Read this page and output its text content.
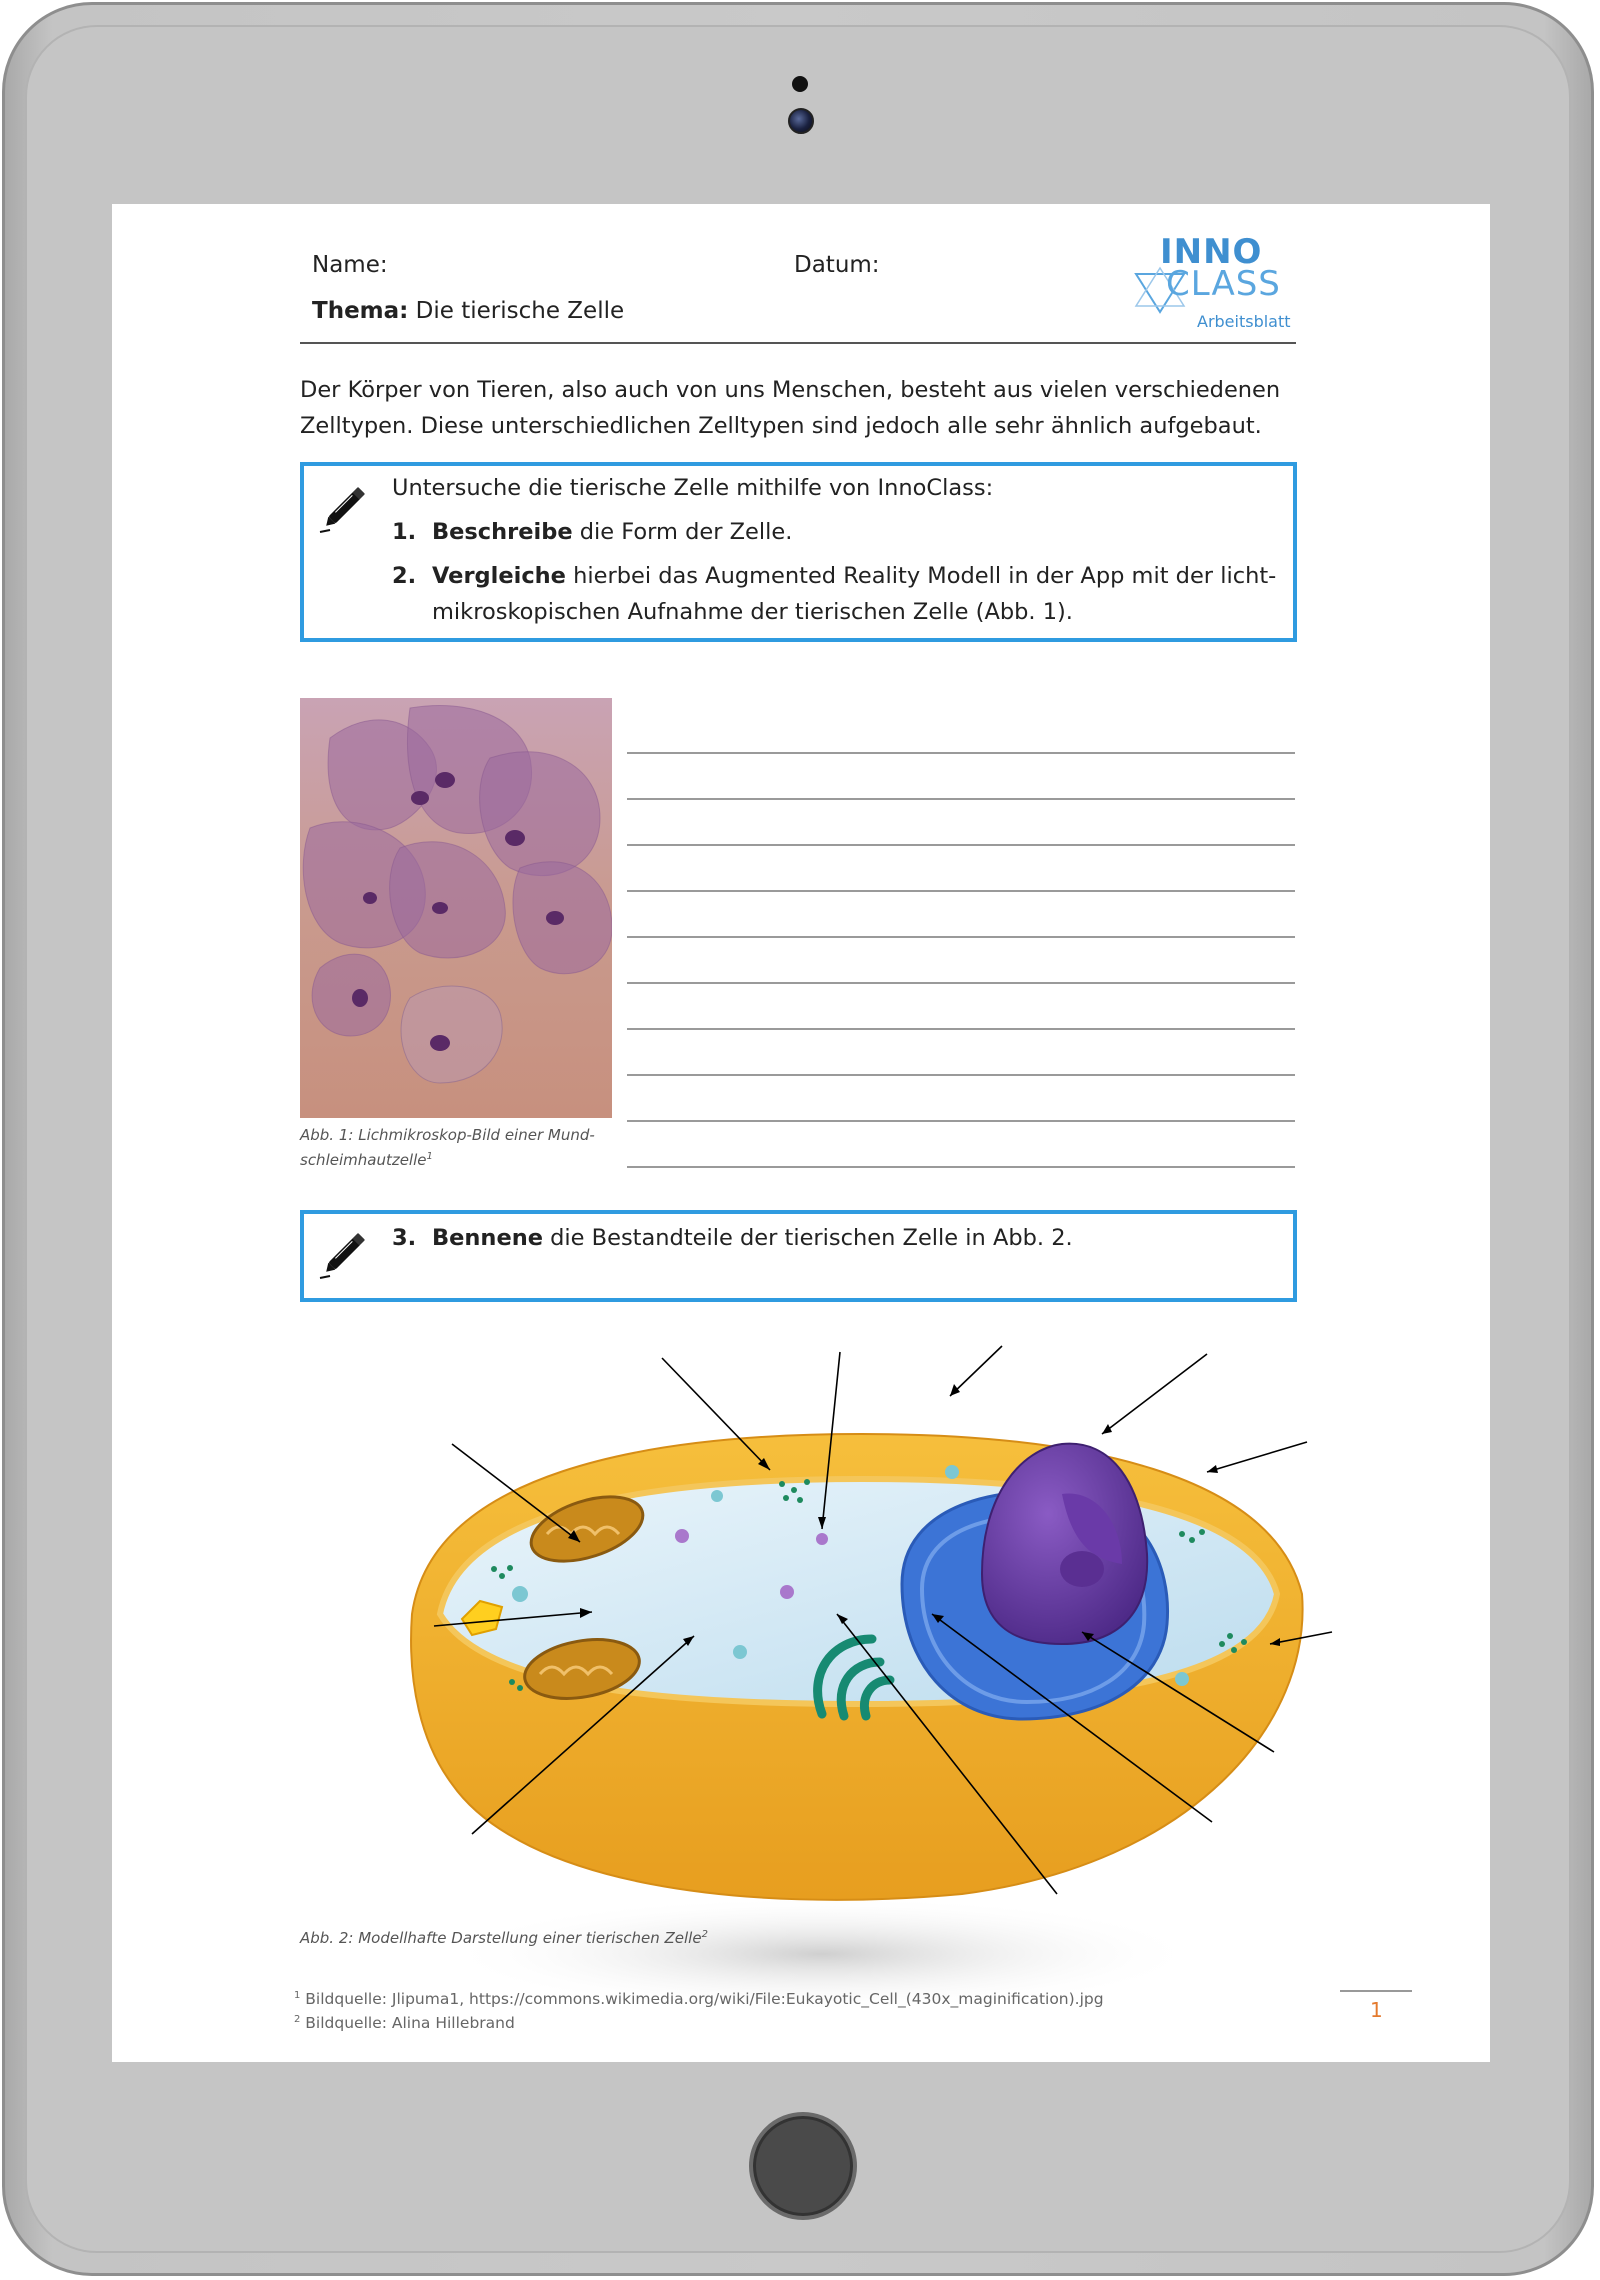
Name:	Datum:
Thema: Die tierische Zelle
INNO
CLASS
Arbeitsblatt
Der Körper von Tieren, also auch von uns Menschen, besteht aus vielen verschiedenen Zelltypen. Diese unterschiedlichen Zelltypen sind jedoch alle sehr ähnlich aufgebaut.
Untersuche die tierische Zelle mithilfe von InnoClass:
1. Beschreibe die Form der Zelle.
2. Vergleiche hierbei das Augmented Reality Modell in der App mit der licht-
mikroskopischen Aufnahme der tierischen Zelle (Abb. 1).
Abb. 1: Lichmikroskop-Bild einer Mund-
schleimhautzelle$^1$
3. Bennene die Bestandteile der tierischen Zelle in Abb. 2.
Abb. 2: Modellhafte Darstellung einer tierischen Zelle$^2$
$^1$ Bildquelle: Jlipuma1, https://commons.wikimedia.org/wiki/File:Eukayotic_Cell_(430x_maginification).jpg
$^2$ Bildquelle: Alina Hillebrand
1
